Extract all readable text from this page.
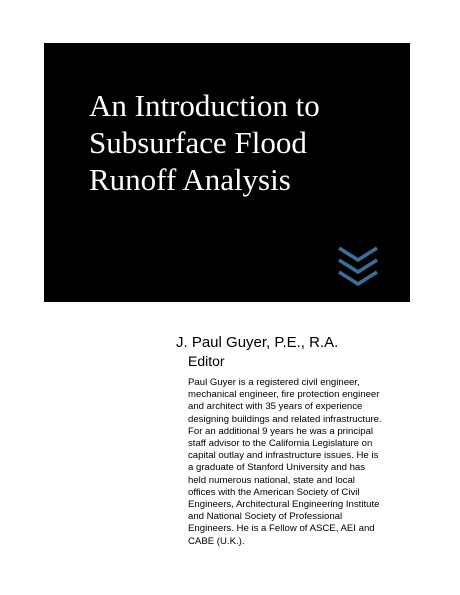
An Introduction to
Subsurface Flood
Runoff Analysis
J. Paul Guyer, P.E., R.A.
Editor
Paul Guyer is a registered civil engineer,
mechanical engineer, fire protection engineer
and architect with 35 years of experience
designing buildings and related infrastructure.
For an additional 9 years he was a principal
staff advisor to the California Legislature on
capital outlay and infrastructure issues. He is
a graduate of Stanford University and has
held numerous national, state and local
offices with the American Society of Civil
Engineers, Architectural Engineering Institute
and National Society of Professional
Engineers. He is a Fellow of ASCE, AEI and
CABE (U.K.).
